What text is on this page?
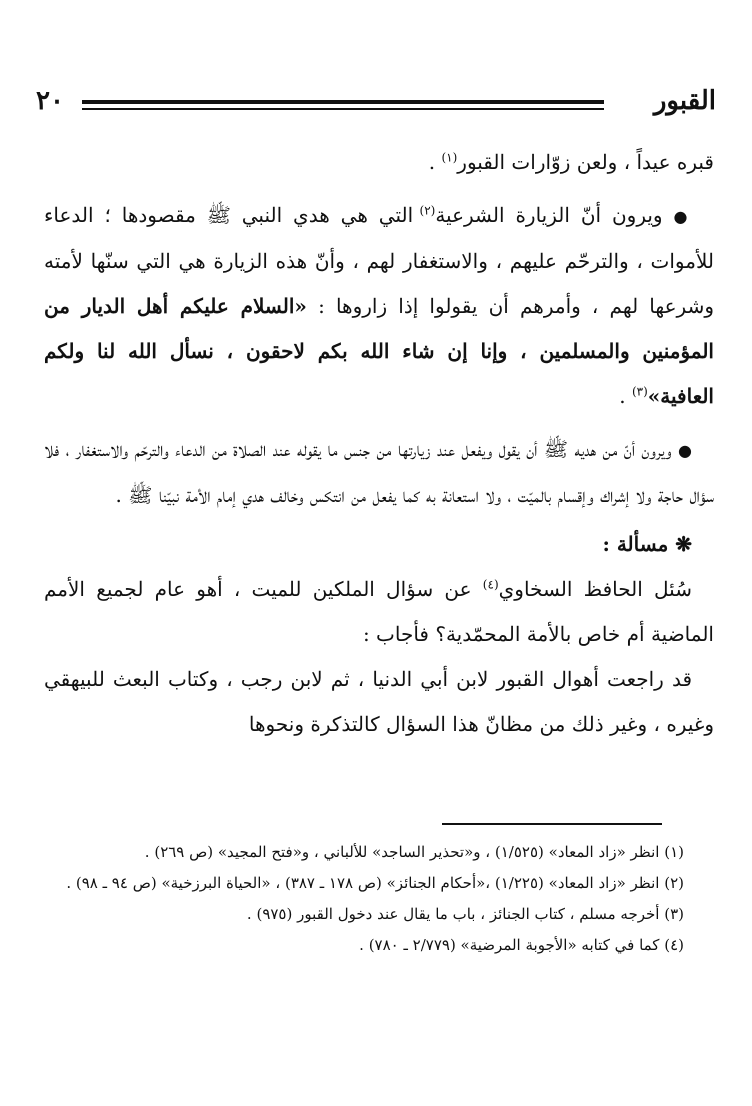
٢٠	القبور

قبره عيداً ، ولعن زوّارات القبور$^{(١)}$ .

● ويرون أنّ الزيارة الشرعية$^{(٢)}$ التي هي هدي النبي ﷺ مقصودها ؛ الدعاء للأموات ، والترحّم عليهم ، والاستغفار لهم ، وأنّ هذه الزيارة هي التي سنّها لأمته وشرعها لهم ، وأمرهم أن يقولوا إذا زاروها : «السلام عليكم أهل الديار من المؤمنين والمسلمين ، وإنا إن شاء الله بكم لاحقون ، نسأل الله لنا ولكم العافية»$^{(٣)}$ .

● ويرون أنّ من هديه ﷺ أن يقول ويفعل عند زيارتها من جنس ما يقوله عند الصلاة من الدعاء والترحّم والاستغفار ، فلا سؤال حاجة ولا إشراك وإقسام بالميّت ، ولا استعانة به كما يفعل من انتكس وخالف هدي إمام الأمة نبيّنا ﷺ .

❋ مسألة :

سُئل الحافظ السخاوي$^{(٤)}$ عن سؤال الملكين للميت ، أهو عام لجميع الأمم الماضية أم خاص بالأمة المحمّدية؟ فأجاب :

قد راجعت أهوال القبور لابن أبي الدنيا ، ثم لابن رجب ، وكتاب البعث للبيهقي وغيره ، وغير ذلك من مظانّ هذا السؤال كالتذكرة ونحوها

(١) انظر «زاد المعاد» (١/٥٢٥) ، و«تحذير الساجد» للألباني ، و«فتح المجيد» (ص ٢٦٩) .

(٢) انظر «زاد المعاد» (١/٢٢٥) ،«أحكام الجنائز» (ص ١٧٨ ـ ٣٨٧) ، «الحياة البرزخية» (ص ٩٤ ـ ٩٨) .

(٣) أخرجه مسلم ، كتاب الجنائز ، باب ما يقال عند دخول القبور (٩٧٥) .

(٤) كما في كتابه «الأجوبة المرضية» (٢/٧٧٩ ـ ٧٨٠) .
